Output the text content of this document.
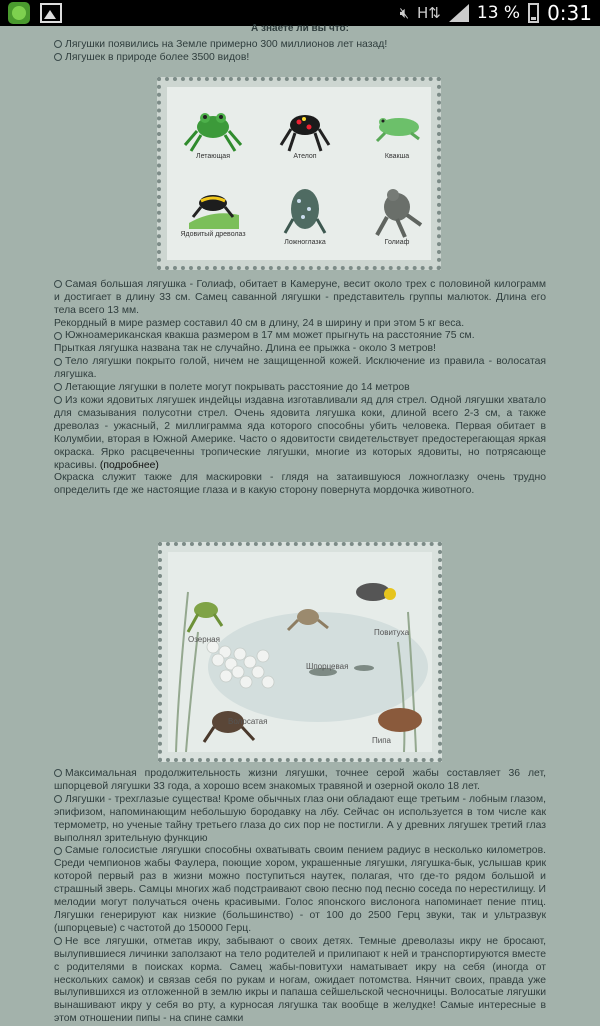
🔇︎ H⇅ 13 % 0:31
А знаете ли вы что:
Лягушки появились на Земле примерно 300 миллионов лет назад!
Лягушек в природе более 3500 видов!
Самая большая лягушка - Голиаф, обитает в Камеруне, весит около трех с половиной килограмм и достигает в длину 33 см. Самец саванной лягушки - представитель группы малюток. Длина его тела всего 13 мм.
Рекордный в мире размер составил 40 см в длину, 24 в ширину и при этом 5 кг веса.
Южноамериканская квакша размером в 17 мм может прыгнуть на расстояние 75 см.
Прыткая лягушка названа так не случайно. Длина ее прыжка - около 3 метров!
Тело лягушки покрыто голой, ничем не защищенной кожей. Исключение из правила - волосатая лягушка.
Летающие лягушки в полете могут покрывать расстояние до 14 метров
Из кожи ядовитых лягушек индейцы издавна изготавливали яд для стрел. Одной лягушки хватало для смазывания полусотни стрел. Очень ядовита лягушка коки, длиной всего 2-3 см, а также древолаз - ужасный, 2 миллиграмма яда которого способны убить человека. Первая обитает в Колумбии, вторая в Южной Америке. Часто о ядовитости свидетельствует предостерегающая яркая окраска. Ярко расцвеченны тропические лягушки, многие из которых ядовиты, но потрясающе красивы. (подробнее)
Окраска служит также для маскировки - глядя на затаившуюся ложноглазку очень трудно определить где же настоящие глаза и в какую сторону повернута мордочка животного.
Летающая	Ателоп	Квакша
Ядовитый древолаз
Ложноглазка	Голиаф
Максимальная продолжительность жизни лягушки, точнее серой жабы составляет 36 лет, шпорцевой лягушки 33 года, а хорошо всем знакомых травяной и озерной около 18 лет.
Лягушки - трехглазые существа! Кроме обычных глаз они обладают еще третьим - лобным глазом, эпифизом, напоминающим небольшую бородавку на лбу. Сейчас он используется в том числе как термометр, но ученые тайну третьего глаза до сих пор не постигли. А у древних лягушек третий глаз выполнял зрительную функцию
Самые голосистые лягушки способны охватывать своим пением радиус в несколько километров. Среди чемпионов жабы Фаулера, поющие хором, украшенные лягушки, лягушка-бык, услышав крик которой первый раз в жизни можно поступиться наутек, полагая, что где-то рядом большой и страшный зверь. Самцы многих жаб подстраивают свою песню под песню соседа по нерестилищу. И мелодии могут получаться очень красивыми. Голос японского вислонога напоминает пение птиц. Лягушки генерируют как низкие (большинство) - от 100 до 2500 Герц звуки, так и ультразвук (шпорцевые) с частотой до 150000 Герц.
Не все лягушки, отметав икру, забывают о своих детях. Темные древолазы икру не бросают, вылупившиеся личинки заползают на тело родителей и прилипают к ней и транспортируются вместе с родителями в поисках корма. Самец жабы-повитухи наматывает икру на себя (иногда от нескольких самок) и связав себя по рукам и ногам, ожидает потомства. Нянчит своих, правда уже вылупившихся из отложенной в землю икры и папаша сейшельской чесночницы. Волосатые лягушки вынашивают икру у себя во рту, а курносая лягушка так вообще в желудке! Самые интересные в этом отношении пипы - на спине самки
Озерная
Повитуха
Шпорцевая
Волосатая
Пипа
